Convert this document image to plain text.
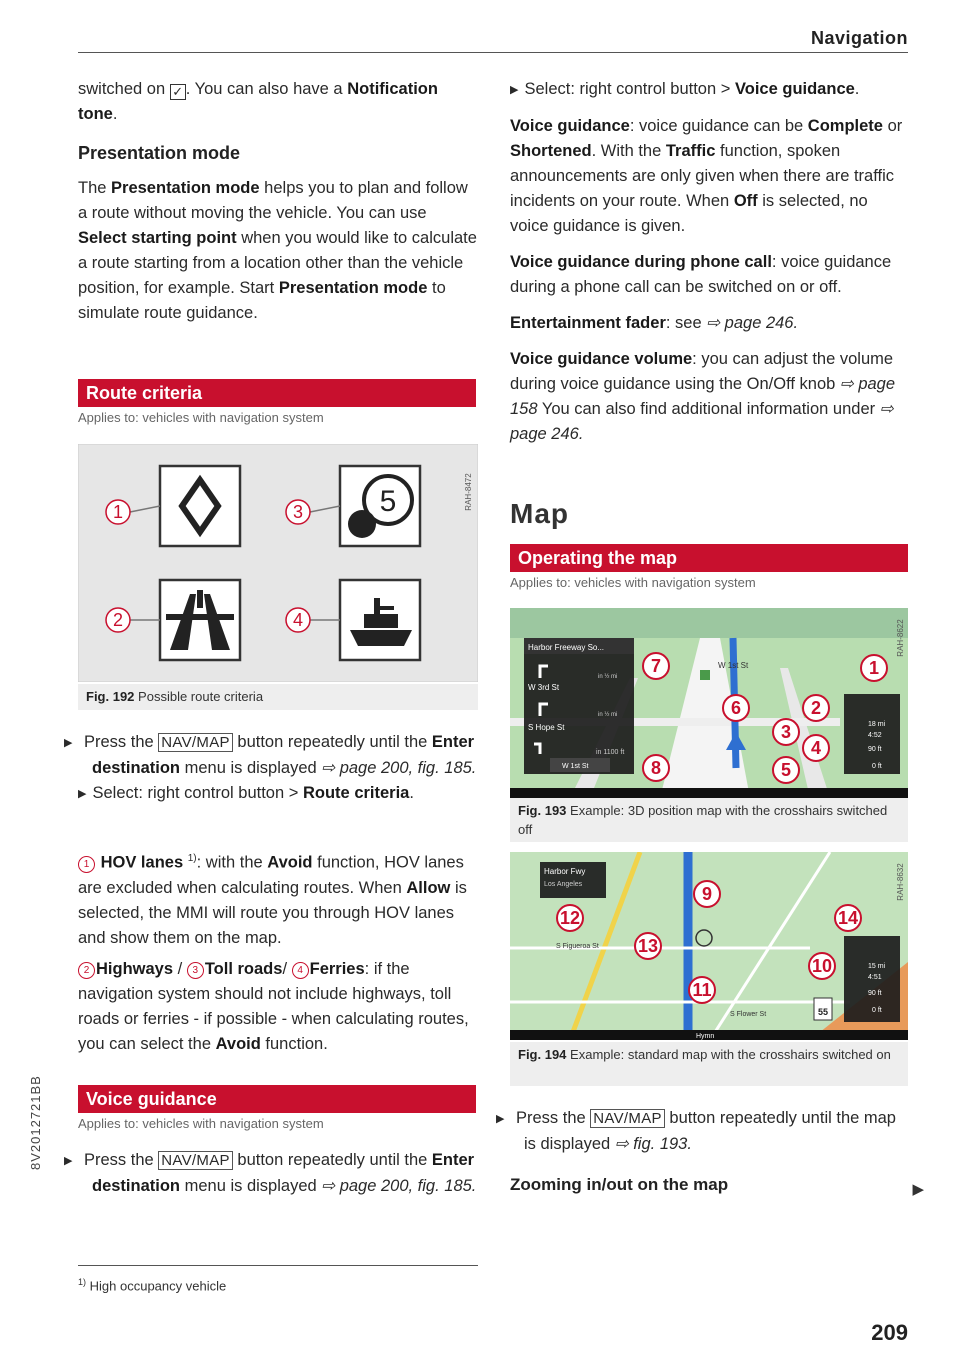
Navigation

switched on ✓ . You can also have a Notification tone.

Presentation mode

The Presentation mode helps you to plan and follow a route without moving the vehicle. You can use Select starting point when you would like to calculate a route starting from a location other than the vehicle position, for example. Start Presentation mode to simulate route guidance.

Route criteria
Applies to: vehicles with navigation system
5
1	3
2	4
RAH-8472
Fig. 192 Possible route criteria

▶ Press the NAV/MAP button repeatedly until the Enter destination menu is displayed ⇨ page 200, fig. 185.

▶ Select: right control button > Route criteria.

1 HOV lanes $^{1)}$: with the Avoid function, HOV lanes are excluded when calculating routes. When Allow is selected, the MMI will route you through HOV lanes and show them on the map.

2 Highways / 3 Toll roads/ 4 Ferries: if the navigation system should not include highways, toll roads or ferries - if possible - when calculating routes, you can select the Avoid function.

Voice guidance
Applies to: vehicles with navigation system

▶ Press the NAV/MAP button repeatedly until the Enter destination menu is displayed ⇨ page 200, fig. 185.

$^{1)}$ High occupancy vehicle

▶ Select: right control button > Voice guidance.

Voice guidance: voice guidance can be Complete or Shortened. With the Traffic function, spoken announcements are only given when there are traffic incidents on your route. When Off is selected, no voice guidance is given.

Voice guidance during phone call: voice guidance during a phone call can be switched on or off.

Entertainment fader: see ⇨ page 246.

Voice guidance volume: you can adjust the volume during voice guidance using the On/Off knob ⇨ page 158 You can also find additional information under ⇨ page 246.

Map
Operating the map
Applies to: vehicles with navigation system
Harbor Freeway So...
W 3rd St
S Hope St
in ½ mi
in ½ mi
in 1100 ft
W 1st St
W 1st St
18 mi
4:52
90 ft
0 ft
7	1
6	2
3
4
8	5
RAH-8622
Fig. 193 Example: 3D position map with the crosshairs switched off
Harbor Fwy
Los Angeles
S Figueroa St
S Flower St
Hymn
55
15 mi
4:51
90 ft
0 ft
9
12	14
13
10
11
RAH-8632
Fig. 194 Example: standard map with the crosshairs switched on

▶ Press the NAV/MAP button repeatedly until the map is displayed ⇨ fig. 193.

Zooming in/out on the map	▶
8V2012721BB
209
